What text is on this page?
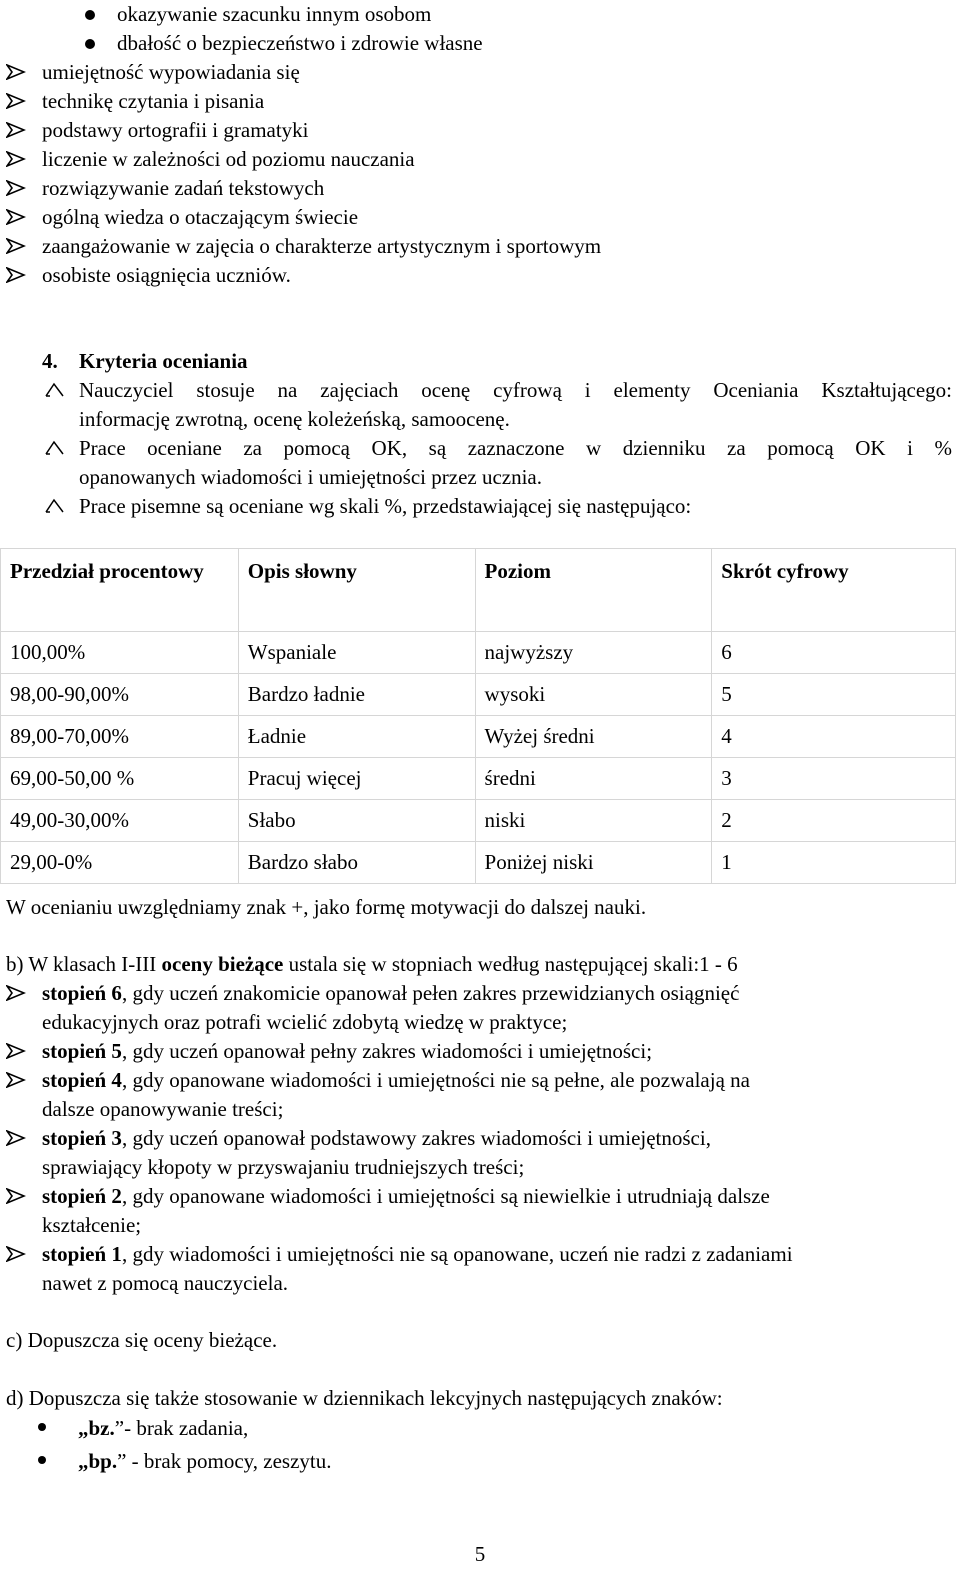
okazywanie szacunku innym osobom
dbałość o bezpieczeństwo i zdrowie własne
umiejętność wypowiadania się
technikę czytania i pisania
podstawy ortografii i gramatyki
liczenie w zależności od poziomu nauczania
rozwiązywanie zadań tekstowych
ogólną wiedza o otaczającym świecie
zaangażowanie w zajęcia o charakterze artystycznym i sportowym
osobiste osiągnięcia uczniów.
4. Kryteria oceniania
Nauczyciel stosuje na zajęciach ocenę cyfrową i elementy Oceniania Kształtującego:
informację zwrotną, ocenę koleżeńską, samoocenę.
Prace oceniane za pomocą OK, są zaznaczone w dzienniku za pomocą OK i %
opanowanych wiadomości i umiejętności przez ucznia.
Prace pisemne są oceniane wg skali %, przedstawiającej się następująco:
Przedział procentowy	Opis słowny	Poziom	Skrót cyfrowy
100,00%	Wspaniale	najwyższy	6
98,00-90,00%	Bardzo ładnie	wysoki	5
89,00-70,00%	Ładnie	Wyżej średni	4
69,00-50,00 %	Pracuj więcej	średni	3
49,00-30,00%	Słabo	niski	2
29,00-0%	Bardzo słabo	Poniżej niski	1
W ocenianiu uwzględniamy znak +, jako formę motywacji do dalszej nauki.
b) W klasach I-III oceny bieżące ustala się w stopniach według następującej skali:1 - 6
stopień 6, gdy uczeń znakomicie opanował pełen zakres przewidzianych osiągnięć
edukacyjnych oraz potrafi wcielić zdobytą wiedzę w praktyce;
stopień 5, gdy uczeń opanował pełny zakres wiadomości i umiejętności;
stopień 4, gdy opanowane wiadomości i umiejętności nie są pełne, ale pozwalają na
dalsze opanowywanie treści;
stopień 3, gdy uczeń opanował podstawowy zakres wiadomości i umiejętności,
sprawiający kłopoty w przyswajaniu trudniejszych treści;
stopień 2, gdy opanowane wiadomości i umiejętności są niewielkie i utrudniają dalsze
kształcenie;
stopień 1, gdy wiadomości i umiejętności nie są opanowane, uczeń nie radzi z zadaniami
nawet z pomocą nauczyciela.
c) Dopuszcza się oceny bieżące.
d) Dopuszcza się także stosowanie w dziennikach lekcyjnych następujących znaków:
„bz.”- brak zadania,
„bp.” - brak pomocy, zeszytu.
5
